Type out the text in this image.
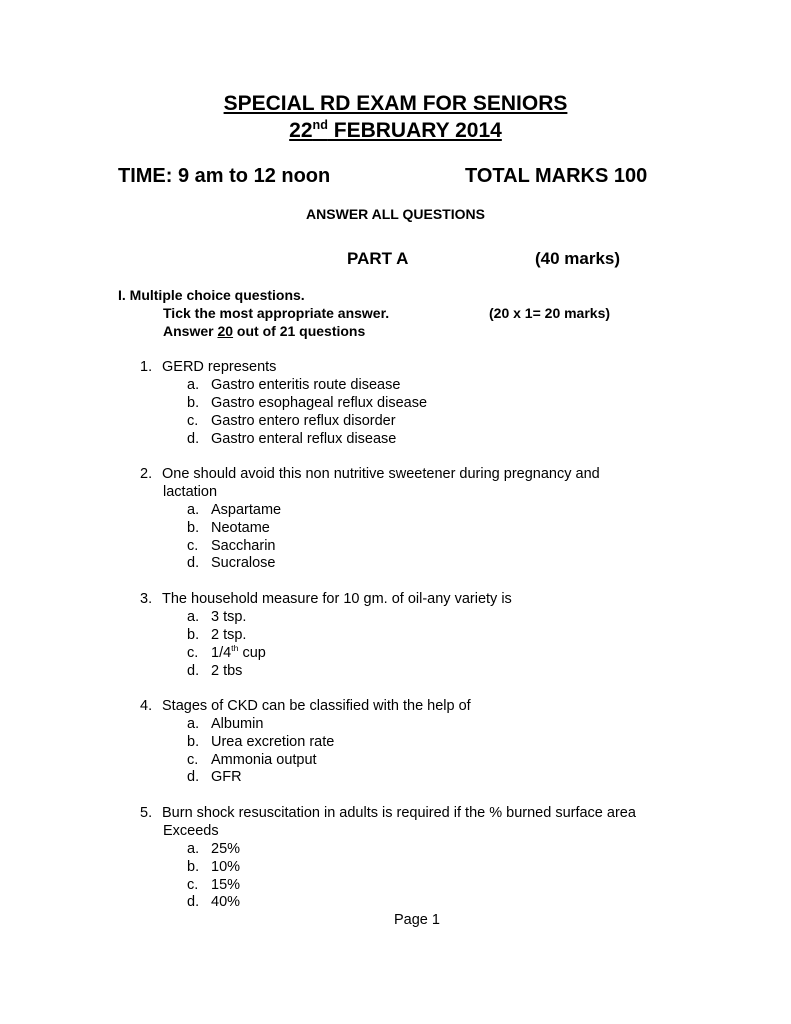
SPECIAL RD EXAM FOR SENIORS
22nd FEBRUARY 2014
TIME: 9 am to 12 noon	TOTAL MARKS 100
ANSWER ALL QUESTIONS
PART A	(40 marks)
I. Multiple choice questions.
Tick the most appropriate answer.	(20 x 1= 20 marks)
Answer 20 out of 21 questions
1. GERD represents
a. Gastro enteritis route disease
b. Gastro esophageal reflux disease
c. Gastro entero reflux disorder
d. Gastro enteral reflux disease
2. One should avoid this non nutritive sweetener during pregnancy and
lactation
a. Aspartame
b. Neotame
c. Saccharin
d. Sucralose
3. The household measure for 10 gm. of oil-any variety is
a. 3 tsp.
b. 2 tsp.
c. 1/4th cup
d. 2 tbs
4. Stages of CKD can be classified with the help of
a. Albumin
b. Urea excretion rate
c. Ammonia output
d. GFR
5. Burn shock resuscitation in adults is required if the % burned surface area
Exceeds
a. 25%
b. 10%
c. 15%
d. 40%
Page 1
